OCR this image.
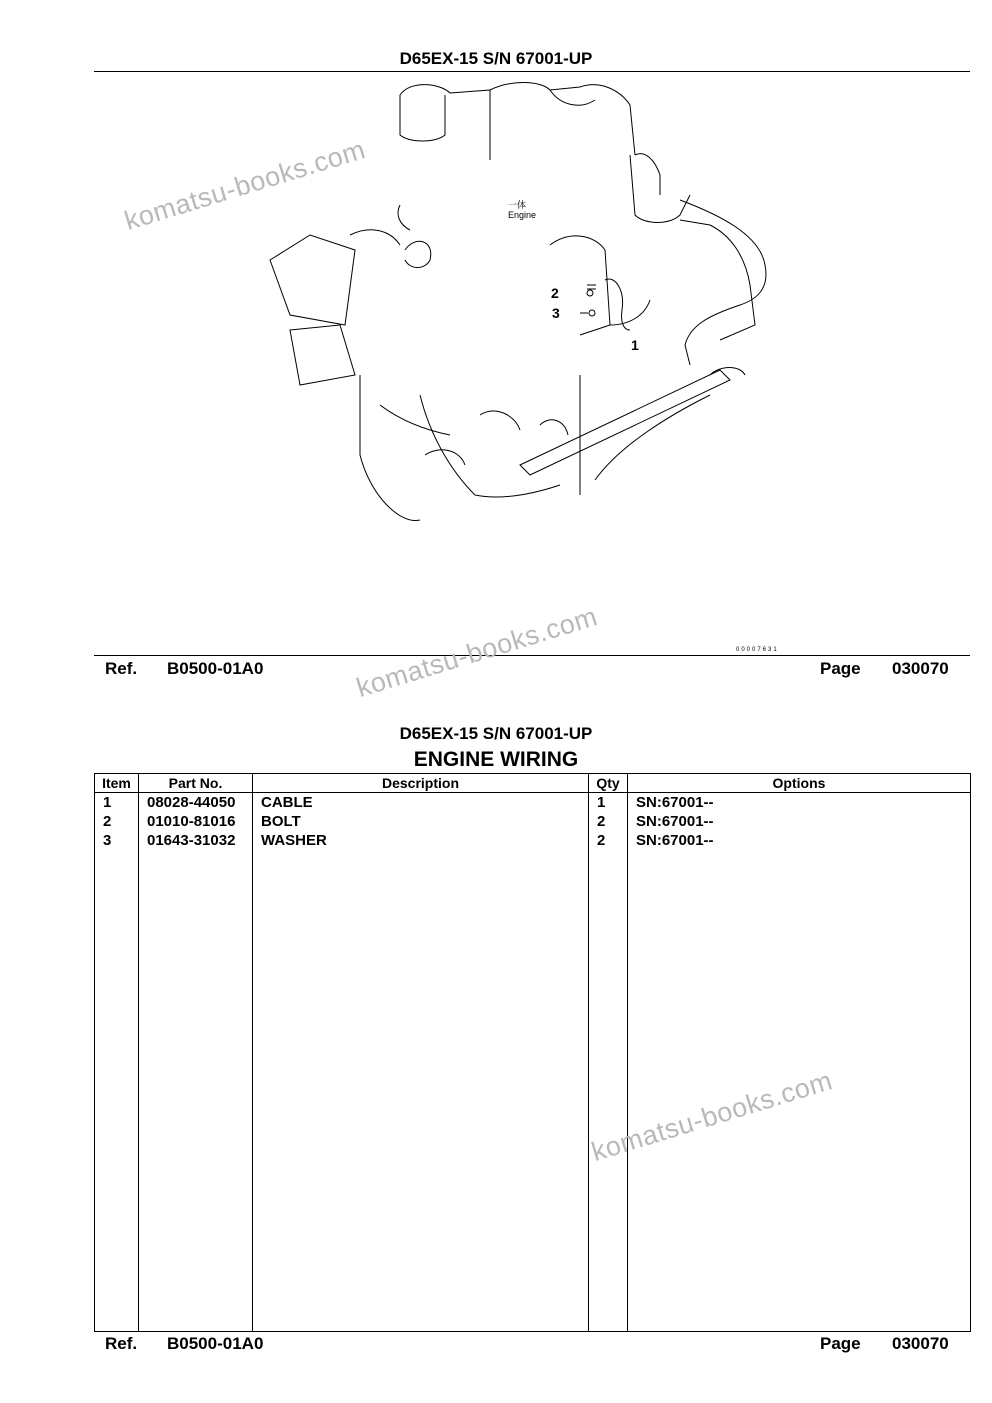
D65EX-15 S/N 67001-UP
一体
Engine
2
3
1
00007631
Ref. B0500-01A0	Page 030070
D65EX-15 S/N 67001-UP
ENGINE WIRING
Item	Part No.	Description	Qty	Options
1	08028-44050	CABLE	1	SN:67001--
2	01010-81016	BOLT	2	SN:67001--
3	01643-31032	WASHER	2	SN:67001--

Ref. B0500-01A0	Page 030070
komatsu-books.com
komatsu-books.com
komatsu-books.com
